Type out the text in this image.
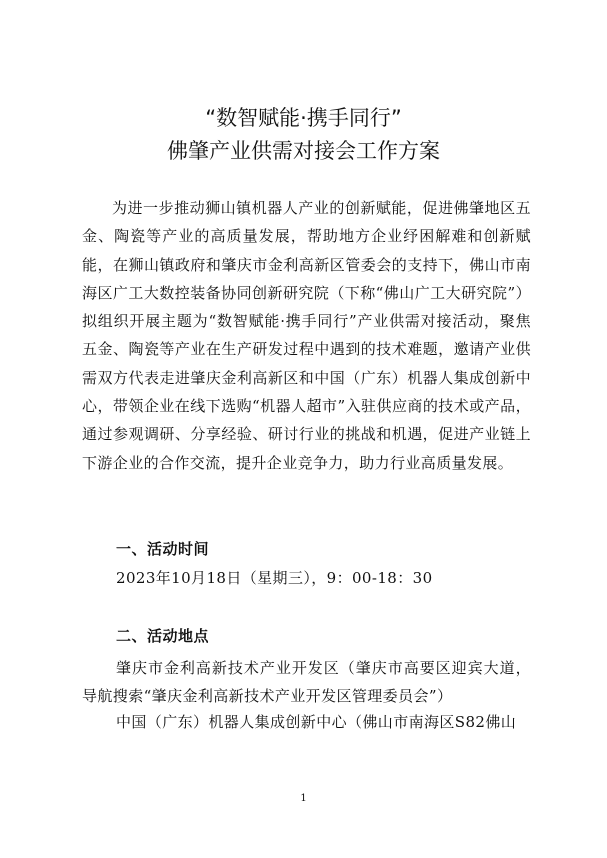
“数智赋能·携手同行”
佛肇产业供需对接会工作方案

为进一步推动狮山镇机器人产业的创新赋能，促进佛肇地区五金、陶瓷等产业的高质量发展，帮助地方企业纾困解难和创新赋能，在狮山镇政府和肇庆市金利高新区管委会的支持下，佛山市南海区广工大数控装备协同创新研究院（下称“佛山广工大研究院”）拟组织开展主题为“数智赋能·携手同行”产业供需对接活动，聚焦五金、陶瓷等产业在生产研发过程中遇到的技术难题，邀请产业供需双方代表走进肇庆金利高新区和中国（广东）机器人集成创新中心，带领企业在线下选购“机器人超市”入驻供应商的技术或产品，通过参观调研、分享经验、研讨行业的挑战和机遇，促进产业链上下游企业的合作交流，提升企业竞争力，助力行业高质量发展。

一、活动时间
2023年10月18日（星期三），9：00-18：30
二、活动地点
肇庆市金利高新技术产业开发区（肇庆市高要区迎宾大道，导航搜索“肇庆金利高新技术产业开发区管理委员会”）
中国（广东）机器人集成创新中心（佛山市南海区S82佛山
1
